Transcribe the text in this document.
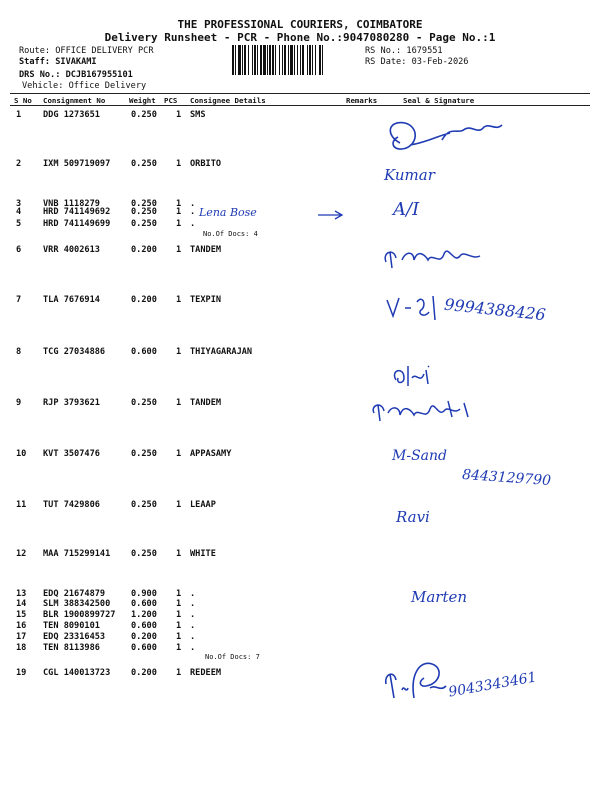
THE PROFESSIONAL COURIERS, COIMBATORE
Delivery Runsheet - PCR - Phone No.:9047080280 - Page No.:1
Route: OFFICE DELIVERY PCR
Staff: SIVAKAMI
DRS No.: DCJB167955101
Vehicle: Office Delivery
RS No.: 1679551
RS Date: 03-Feb-2026
S No Consignment No	Weight PCS Consignee Details	Remarks	Seal & Signature
1	DDG 1273651	0.250 1 SMS
2	IXM 509719097 0.250 1 ORBITO
3	VNB 1118279	0.250 1 .
4	HRD 741149692 0.250 1 .
5	HRD 741149699 0.250 1 .
6	VRR 4002613	0.200 1 TANDEM
7	TLA 7676914	0.200 1 TEXPIN
8	TCG 27034886	0.600 1 THIYAGARAJAN
9	RJP 3793621	0.250 1 TANDEM
10 KVT 3507476	0.250 1 APPASAMY
11 TUT 7429806	0.250 1 LEAAP
12 MAA 715299141 0.250 1 WHITE
13 EDQ 21674879	0.900 1 .
14 SLM 388342500 0.600 1 .
15 BLR 1900899727 1.200 1 .
16 TEN 8090101	0.600 1 .
17 EDQ 23316453	0.200 1 .
18 TEN 8113986	0.600 1 .
19 CGL 140013723 0.200 1 REDEEM
No.Of Docs: 4
No.Of Docs: 7
Kumar
Lena Bose	A/I
9994388426
M-Sand
8443129790
Ravi
Marten
9043343461
